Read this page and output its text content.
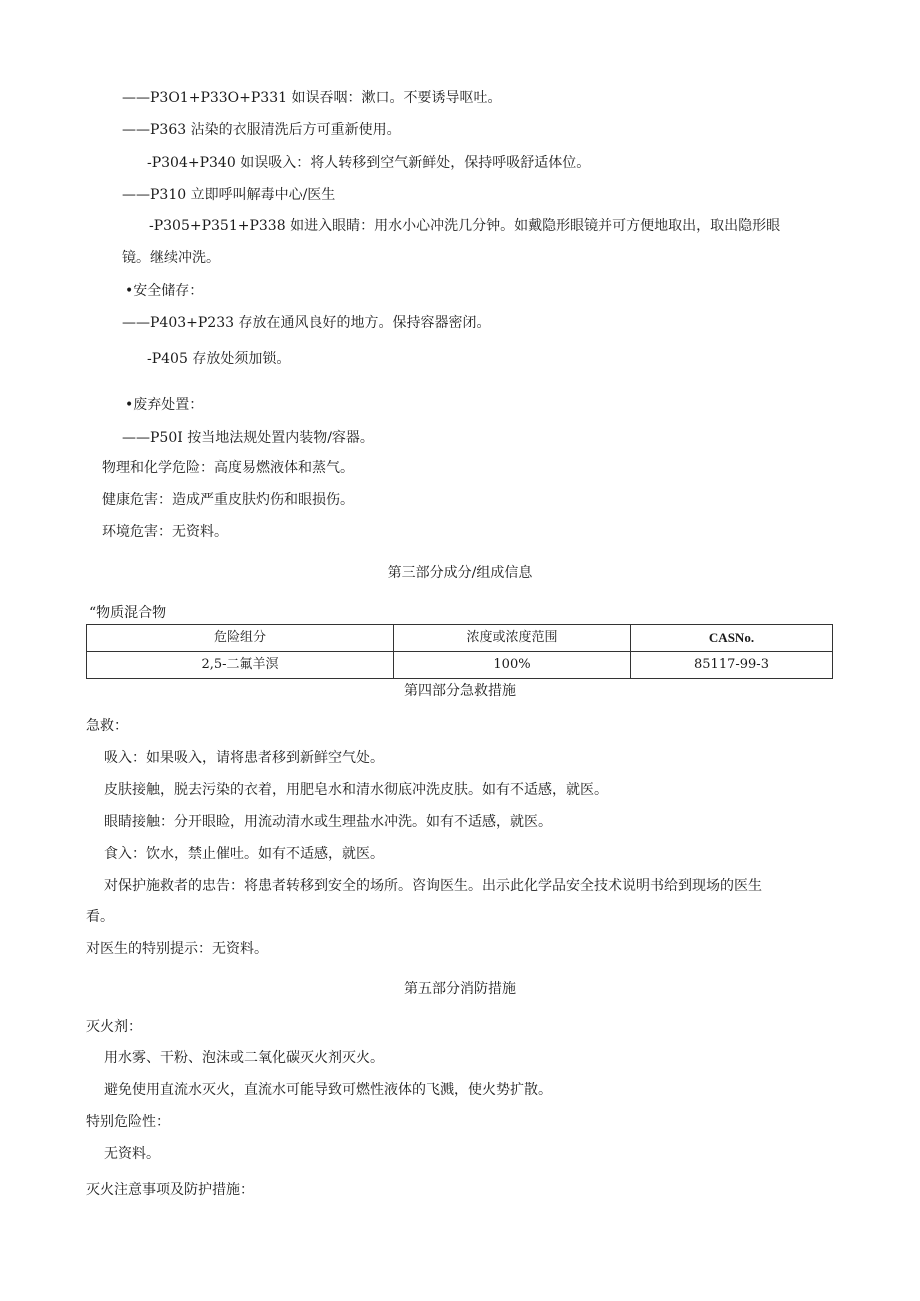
——P3O1+P33O+P331 如误吞咽：漱口。不要诱导呕吐。
——P363 沾染的衣服清洗后方可重新使用。
-P304+P340 如误吸入：将人转移到空气新鲜处，保持呼吸舒适体位。
——P310 立即呼叫解毒中心/医生
-P305+P351+P338 如进入眼睛：用水小心冲洗几分钟。如戴隐形眼镜并可方便地取出，取出隐形眼
镜。继续冲洗。
•安全储存：
——P403+P233 存放在通风良好的地方。保持容器密闭。
-P405 存放处须加锁。
•废弃处置：
——P50I 按当地法规处置内装物/容器。
物理和化学危险：高度易燃液体和蒸气。
健康危害：造成严重皮肤灼伤和眼损伤。
环境危害：无资料。
第三部分成分/组成信息
“物质混合物
危险组分	浓度或浓度范围	CASNo.
2,5-二氟羊溟	100%	85117-99-3
第四部分急救措施
急救：
吸入：如果吸入，请将患者移到新鲜空气处。
皮肤接触，脱去污染的衣着，用肥皂水和清水彻底冲洗皮肤。如有不适感，就医。
眼睛接触：分开眼睑，用流动清水或生理盐水冲洗。如有不适感，就医。
食入：饮水，禁止催吐。如有不适感，就医。
对保护施救者的忠告：将患者转移到安全的场所。咨询医生。出示此化学品安全技术说明书给到现场的医生
看。
对医生的特别提示：无资料。
第五部分消防措施
灭火剂：
用水雾、干粉、泡沫或二氧化碳灭火剂灭火。
避免使用直流水灭火，直流水可能导致可燃性液体的飞溅，使火势扩散。
特别危险性：
无资料。
灭火注意事项及防护措施：
